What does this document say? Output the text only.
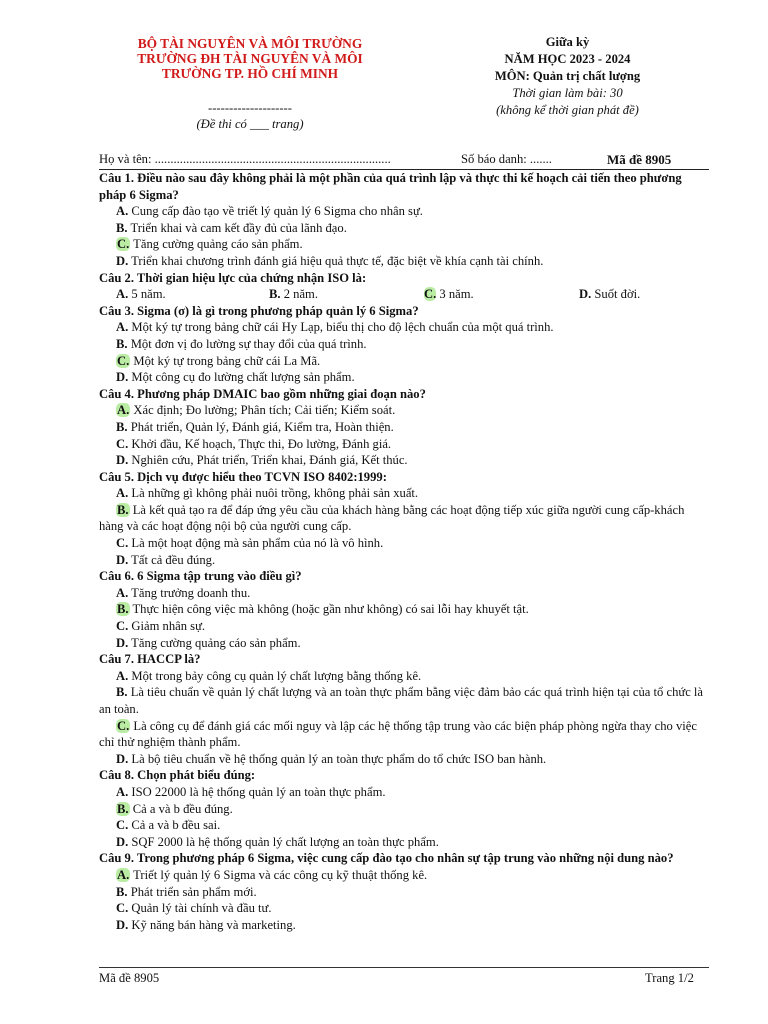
BỘ TÀI NGUYÊN VÀ MÔI TRƯỜNG
TRƯỜNG ĐH TÀI NGUYÊN VÀ MÔI
TRƯỜNG TP. HỒ CHÍ MINH
--------------------
(Đề thi có ___ trang)
Giữa kỳ
NĂM HỌC 2023 - 2024
MÔN: Quản trị chất lượng
Thời gian làm bài: 30
(không kể thời gian phát đề)
Họ và tên: ...........................................................................	Số báo danh: .......	Mã đề 8905
Câu 1. Điều nào sau đây không phải là một phần của quá trình lập và thực thi kế hoạch cải tiến theo phương pháp 6 Sigma?
A. Cung cấp đào tạo về triết lý quản lý 6 Sigma cho nhân sự.
B. Triển khai và cam kết đầy đủ của lãnh đạo.
C. Tăng cường quảng cáo sản phẩm.
D. Triển khai chương trình đánh giá hiệu quả thực tế, đặc biệt về khía cạnh tài chính.
Câu 2. Thời gian hiệu lực của chứng nhận ISO là:
A. 5 năm.	B. 2 năm.	C. 3 năm.	D. Suốt đời.
Câu 3. Sigma (σ) là gì trong phương pháp quản lý 6 Sigma?
A. Một ký tự trong bảng chữ cái Hy Lạp, biểu thị cho độ lệch chuẩn của một quá trình.
B. Một đơn vị đo lường sự thay đổi của quá trình.
C. Một ký tự trong bảng chữ cái La Mã.
D. Một công cụ đo lường chất lượng sản phẩm.
Câu 4. Phương pháp DMAIC bao gồm những giai đoạn nào?
A. Xác định; Đo lường; Phân tích; Cải tiến; Kiểm soát.
B. Phát triển, Quản lý, Đánh giá, Kiểm tra, Hoàn thiện.
C. Khởi đầu, Kế hoạch, Thực thi, Đo lường, Đánh giá.
D. Nghiên cứu, Phát triển, Triển khai, Đánh giá, Kết thúc.
Câu 5. Dịch vụ được hiểu theo TCVN ISO 8402:1999:
A. Là những gì không phải nuôi trồng, không phải sản xuất.
B. Là kết quả tạo ra để đáp ứng yêu cầu của khách hàng bằng các hoạt động tiếp xúc giữa người cung cấp-khách hàng và các hoạt động nội bộ của người cung cấp.
C. Là một hoạt động mà sản phẩm của nó là vô hình.
D. Tất cả đều đúng.
Câu 6. 6 Sigma tập trung vào điều gì?
A. Tăng trưởng doanh thu.
B. Thực hiện công việc mà không (hoặc gần như không) có sai lỗi hay khuyết tật.
C. Giảm nhân sự.
D. Tăng cường quảng cáo sản phẩm.
Câu 7. HACCP là?
A. Một trong bảy công cụ quản lý chất lượng bằng thống kê.
B. Là tiêu chuẩn về quản lý chất lượng và an toàn thực phẩm bằng việc đảm bảo các quá trình hiện tại của tổ chức là an toàn.
C. Là công cụ để đánh giá các mối nguy và lập các hệ thống tập trung vào các biện pháp phòng ngừa thay cho việc chỉ thử nghiệm thành phẩm.
D. Là bộ tiêu chuẩn về hệ thống quản lý an toàn thực phẩm do tổ chức ISO ban hành.
Câu 8. Chọn phát biểu đúng:
A. ISO 22000 là hệ thống quản lý an toàn thực phẩm.
B. Cả a và b đều đúng.
C. Cả a và b đều sai.
D. SQF 2000 là hệ thống quản lý chất lượng an toàn thực phẩm.
Câu 9. Trong phương pháp 6 Sigma, việc cung cấp đào tạo cho nhân sự tập trung vào những nội dung nào?
A. Triết lý quản lý 6 Sigma và các công cụ kỹ thuật thống kê.
B. Phát triển sản phẩm mới.
C. Quản lý tài chính và đầu tư.
D. Kỹ năng bán hàng và marketing.
Mã đề 8905	Trang 1/2
